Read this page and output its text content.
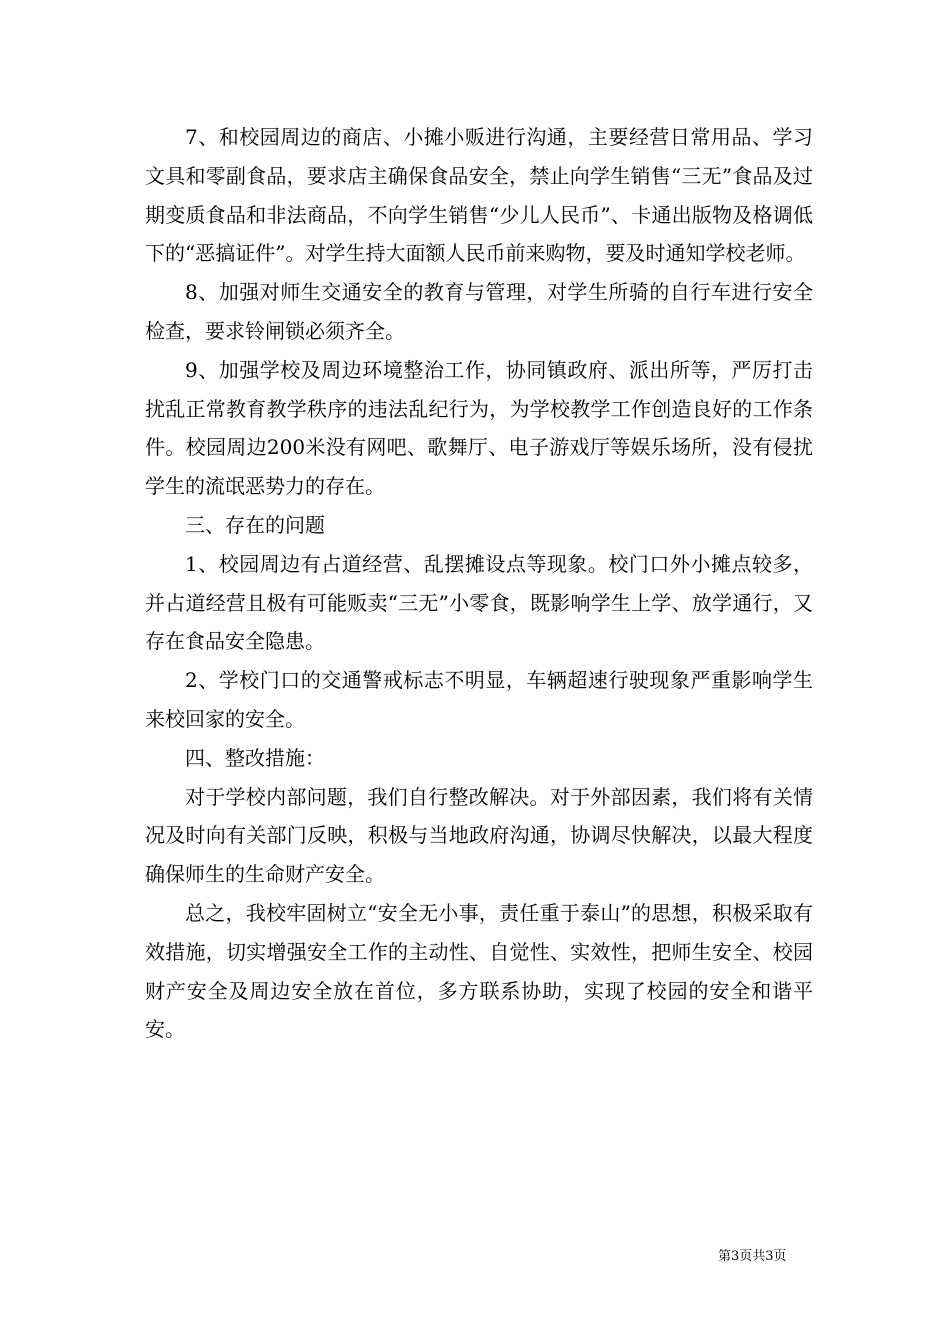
7、和校园周边的商店、小摊小贩进行沟通，主要经营日常用品、学习文具和零副食品，要求店主确保食品安全，禁止向学生销售“三无”食品及过期变质食品和非法商品，不向学生销售“少儿人民币”、卡通出版物及格调低下的“恶搞证件”。对学生持大面额人民币前来购物，要及时通知学校老师。

8、加强对师生交通安全的教育与管理，对学生所骑的自行车进行安全检查，要求铃闸锁必须齐全。

9、加强学校及周边环境整治工作，协同镇政府、派出所等，严厉打击扰乱正常教育教学秩序的违法乱纪行为，为学校教学工作创造良好的工作条件。校园周边200米没有网吧、歌舞厅、电子游戏厅等娱乐场所，没有侵扰学生的流氓恶势力的存在。

三、存在的问题

1、校园周边有占道经营、乱摆摊设点等现象。校门口外小摊点较多，并占道经营且极有可能贩卖“三无”小零食，既影响学生上学、放学通行，又存在食品安全隐患。

2、学校门口的交通警戒标志不明显，车辆超速行驶现象严重影响学生来校回家的安全。

四、整改措施：

对于学校内部问题，我们自行整改解决。对于外部因素，我们将有关情况及时向有关部门反映，积极与当地政府沟通，协调尽快解决，以最大程度确保师生的生命财产安全。

总之，我校牢固树立“安全无小事，责任重于泰山”的思想，积极采取有效措施，切实增强安全工作的主动性、自觉性、实效性，把师生安全、校园财产安全及周边安全放在首位，多方联系协助，实现了校园的安全和谐平安。

第3页共3页
